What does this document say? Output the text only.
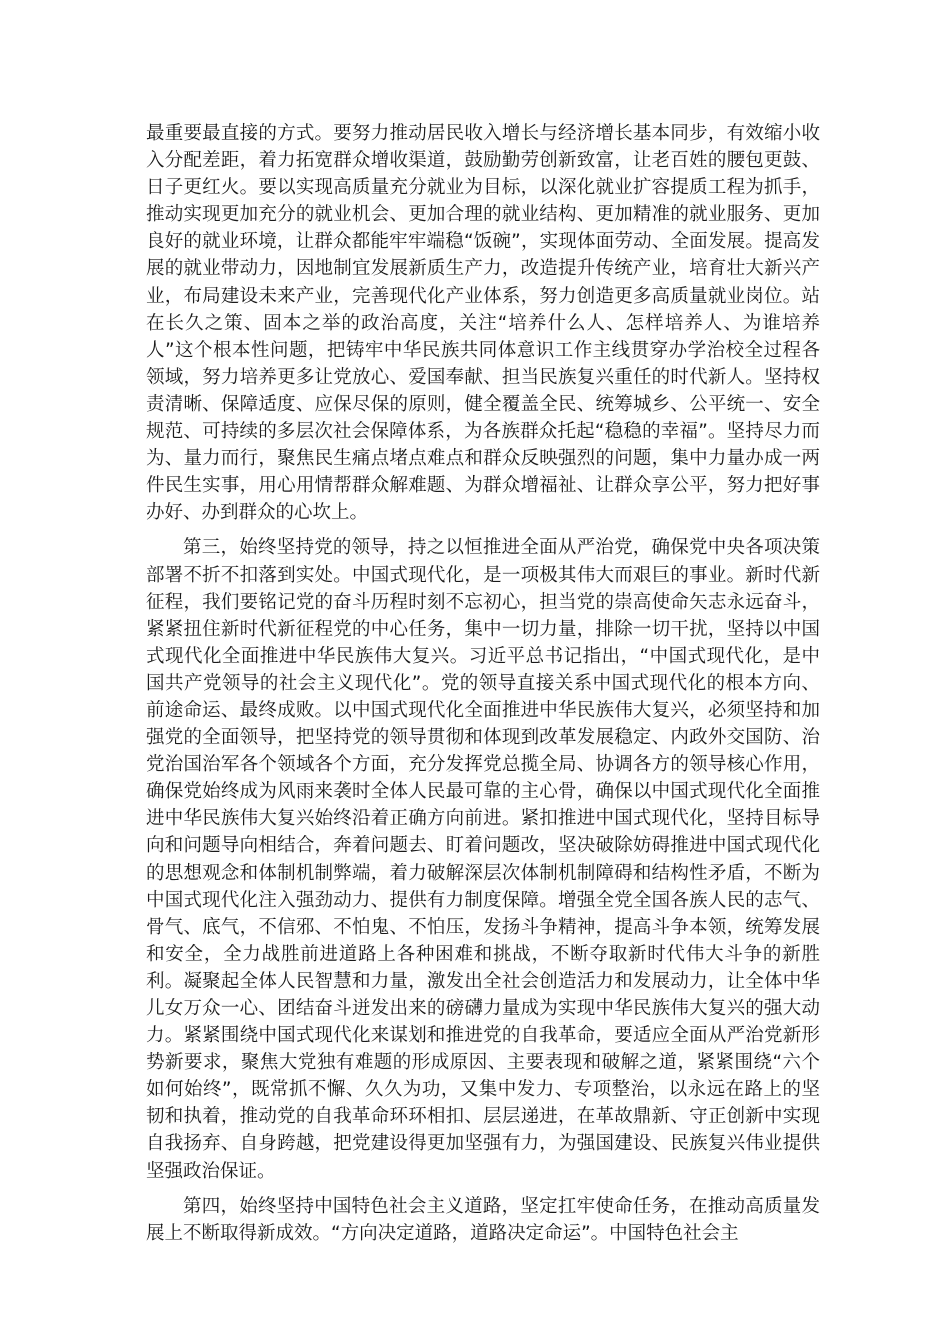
最重要最直接的方式。要努力推动居民收入增长与经济增长基本同步，有效缩小收入分配差距，着力拓宽群众增收渠道，鼓励勤劳创新致富，让老百姓的腰包更鼓、日子更红火。要以实现高质量充分就业为目标，以深化就业扩容提质工程为抓手，推动实现更加充分的就业机会、更加合理的就业结构、更加精准的就业服务、更加良好的就业环境，让群众都能牢牢端稳“饭碗”，实现体面劳动、全面发展。提高发展的就业带动力，因地制宜发展新质生产力，改造提升传统产业，培育壮大新兴产业，布局建设未来产业，完善现代化产业体系，努力创造更多高质量就业岗位。站在长久之策、固本之举的政治高度，关注“培养什么人、怎样培养人、为谁培养人”这个根本性问题，把铸牢中华民族共同体意识工作主线贯穿办学治校全过程各领域，努力培养更多让党放心、爱国奉献、担当民族复兴重任的时代新人。坚持权责清晰、保障适度、应保尽保的原则，健全覆盖全民、统筹城乡、公平统一、安全规范、可持续的多层次社会保障体系，为各族群众托起“稳稳的幸福”。坚持尽力而为、量力而行，聚焦民生痛点堵点难点和群众反映强烈的问题，集中力量办成一两件民生实事，用心用情帮群众解难题、为群众增福祉、让群众享公平，努力把好事办好、办到群众的心坎上。

第三，始终坚持党的领导，持之以恒推进全面从严治党，确保党中央各项决策部署不折不扣落到实处。中国式现代化，是一项极其伟大而艰巨的事业。新时代新征程，我们要铭记党的奋斗历程时刻不忘初心，担当党的崇高使命矢志永远奋斗，紧紧扭住新时代新征程党的中心任务，集中一切力量，排除一切干扰，坚持以中国式现代化全面推进中华民族伟大复兴。习近平总书记指出，“中国式现代化，是中国共产党领导的社会主义现代化”。党的领导直接关系中国式现代化的根本方向、前途命运、最终成败。以中国式现代化全面推进中华民族伟大复兴，必须坚持和加强党的全面领导，把坚持党的领导贯彻和体现到改革发展稳定、内政外交国防、治党治国治军各个领域各个方面，充分发挥党总揽全局、协调各方的领导核心作用，确保党始终成为风雨来袭时全体人民最可靠的主心骨，确保以中国式现代化全面推进中华民族伟大复兴始终沿着正确方向前进。紧扣推进中国式现代化，坚持目标导向和问题导向相结合，奔着问题去、盯着问题改，坚决破除妨碍推进中国式现代化的思想观念和体制机制弊端，着力破解深层次体制机制障碍和结构性矛盾，不断为中国式现代化注入强劲动力、提供有力制度保障。增强全党全国各族人民的志气、骨气、底气，不信邪、不怕鬼、不怕压，发扬斗争精神，提高斗争本领，统筹发展和安全，全力战胜前进道路上各种困难和挑战，不断夺取新时代伟大斗争的新胜利。凝聚起全体人民智慧和力量，激发出全社会创造活力和发展动力，让全体中华儿女万众一心、团结奋斗迸发出来的磅礴力量成为实现中华民族伟大复兴的强大动力。紧紧围绕中国式现代化来谋划和推进党的自我革命，要适应全面从严治党新形势新要求，聚焦大党独有难题的形成原因、主要表现和破解之道，紧紧围绕“六个如何始终”，既常抓不懈、久久为功，又集中发力、专项整治，以永远在路上的坚韧和执着，推动党的自我革命环环相扣、层层递进，在革故鼎新、守正创新中实现自我扬弃、自身跨越，把党建设得更加坚强有力，为强国建设、民族复兴伟业提供坚强政治保证。

第四，始终坚持中国特色社会主义道路，坚定扛牢使命任务，在推动高质量发展上不断取得新成效。“方向决定道路，道路决定命运”。中国特色社会主
